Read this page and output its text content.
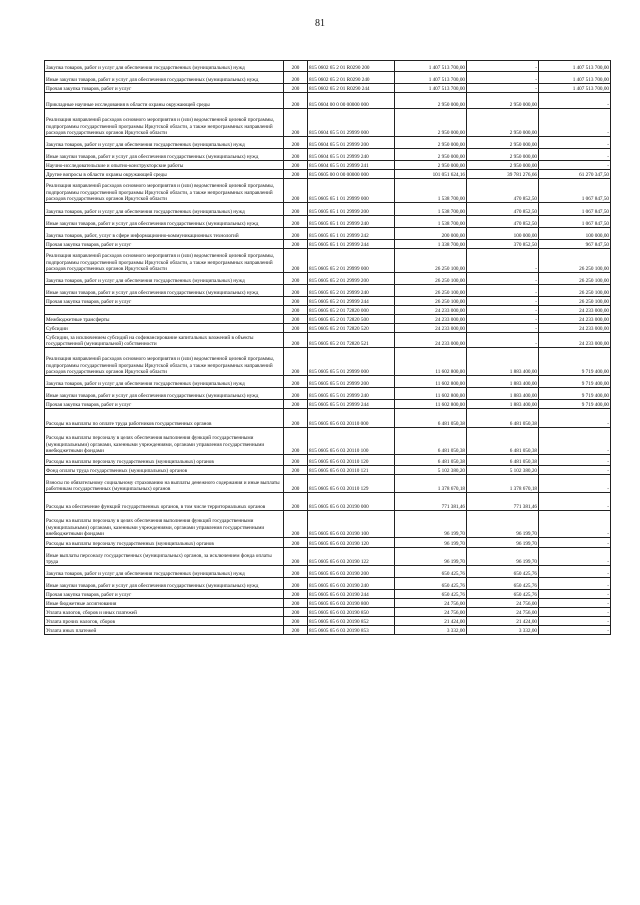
81
Закупка товаров, работ и услуг для обеспечения государственных (муниципальных) нужд	200	815 0602 65 2 01 R0290 200	1 407 513 700,00	-	1 407 513 700,00
Иные закупки товаров, работ и услуг для обеспечения государственных (муниципальных) нужд	200	815 0602 65 2 01 R0290 240	1 407 513 700,00	-	1 407 513 700,00
Прочая закупка товаров, работ и услуг	200	815 0602 65 2 01 R0290 244	1 407 513 700,00	-	1 407 513 700,00
Прикладные научные исследования в области охраны окружающей среды	200	815 0604 00 0 00 00000 000	2 950 000,00	2 950 000,00	-
Реализация направлений расходов основного мероприятия и (или) ведомственной целевой программы, подпрограммы государственной программы Иркутской области, а также непрограммных направлений расходов государственных органов Иркутской области	200	815 0604 65 5 01 29999 000	2 950 000,00	2 950 000,00	-
Закупка товаров, работ и услуг для обеспечения государственных (муниципальных) нужд	200	815 0604 65 5 01 29999 200	2 950 000,00	2 950 000,00	-
Иные закупки товаров, работ и услуг для обеспечения государственных (муниципальных) нужд	200	815 0604 65 5 01 29999 240	2 950 000,00	2 950 000,00	-
Научно-исследовательские и опытно-конструкторские работы	200	815 0604 65 5 01 29999 241	2 950 000,00	2 950 000,00	-
Другие вопросы в области охраны окружающей среды	200	815 0605 00 0 00 00000 000	101 051 624,16	39 781 276,66	61 270 347,50
Реализация направлений расходов основного мероприятия и (или) ведомственной целевой программы, подпрограммы государственной программы Иркутской области, а также непрограммных направлений расходов государственных органов Иркутской области	200	815 0605 65 1 01 29999 000	1 538 700,00	470 852,50	1 067 847,50
Закупка товаров, работ и услуг для обеспечения государственных (муниципальных) нужд	200	815 0605 65 1 01 29999 200	1 538 700,00	470 852,50	1 067 847,50
Иные закупки товаров, работ и услуг для обеспечения государственных (муниципальных) нужд	200	815 0605 65 1 01 29999 240	1 538 700,00	470 852,50	1 067 847,50
Закупка товаров, работ, услуг в сфере информационно-коммуникационных технологий	200	815 0605 65 1 01 29999 242	200 000,00	100 000,00	100 000,00
Прочая закупка товаров, работ и услуг	200	815 0605 65 1 01 29999 244	1 338 700,00	370 852,50	967 847,50
Реализация направлений расходов основного мероприятия и (или) ведомственной целевой программы, подпрограммы государственной программы Иркутской области, а также непрограммных направлений расходов государственных органов Иркутской области	200	815 0605 65 2 01 29999 000	26 250 100,00	-	26 250 100,00
Закупка товаров, работ и услуг для обеспечения государственных (муниципальных) нужд	200	815 0605 65 2 01 29999 200	26 250 100,00	-	26 250 100,00
Иные закупки товаров, работ и услуг для обеспечения государственных (муниципальных) нужд	200	815 0605 65 2 01 29999 240	26 250 100,00	-	26 250 100,00
Прочая закупка товаров, работ и услуг	200	815 0605 65 2 01 29999 244	26 250 100,00	-	26 250 100,00
	200	815 0605 65 2 01 72820 000	24 233 000,00	-	24 233 000,00
Межбюджетные трансферты	200	815 0605 65 2 01 72820 500	24 233 000,00	-	24 233 000,00
Субсидии	200	815 0605 65 2 01 72820 520	24 233 000,00	-	24 233 000,00
Субсидии, за исключением субсидий на софинансирование капитальных вложений в объекты государственной (муниципальной) собственности	200	815 0605 65 2 01 72820 521	24 233 000,00	-	24 233 000,00
Реализация направлений расходов основного мероприятия и (или) ведомственной целевой программы, подпрограммы государственной программы Иркутской области, а также непрограммных направлений расходов государственных органов Иркутской области	200	815 0605 65 5 01 29999 000	11 602 800,00	1 883 400,00	9 719 400,00
Закупка товаров, работ и услуг для обеспечения государственных (муниципальных) нужд	200	815 0605 65 5 01 29999 200	11 602 800,00	1 883 400,00	9 719 400,00
Иные закупки товаров, работ и услуг для обеспечения государственных (муниципальных) нужд	200	815 0605 65 5 01 29999 240	11 602 800,00	1 883 400,00	9 719 400,00
Прочая закупка товаров, работ и услуг	200	815 0605 65 5 01 29999 244	11 602 800,00	1 883 400,00	9 719 400,00
Расходы на выплаты по оплате труда работников государственных органов	200	815 0605 65 6 03 20110 000	6 481 050,38	6 481 050,38	-
Расходы на выплаты персоналу в целях обеспечения выполнения функций государственными (муниципальными) органами, казенными учреждениями, органами управления государственными внебюджетными фондами	200	815 0605 65 6 03 20110 100	6 481 050,38	6 481 050,38	-
Расходы на выплаты персоналу государственных (муниципальных) органов	200	815 0605 65 6 03 20110 120	6 481 050,38	6 481 050,38	-
Фонд оплаты труда государственных (муниципальных) органов	200	815 0605 65 6 03 20110 121	5 102 380,20	5 102 380,20	-
Взносы по обязательному социальному страхованию на выплаты денежного содержания и иные выплаты работникам государственных (муниципальных) органов	200	815 0605 65 6 03 20110 129	1 378 670,18	1 378 670,18	-
Расходы на обеспечение функций государственных органов, в том числе территориальных органов	200	815 0605 65 6 03 20190 000	771 381,46	771 381,46	-
Расходы на выплаты персоналу в целях обеспечения выполнения функций государственными (муниципальными) органами, казенными учреждениями, органами управления государственными внебюджетными фондами	200	815 0605 65 6 03 20190 100	96 199,70	96 199,70	-
Расходы на выплаты персоналу государственных (муниципальных) органов	200	815 0605 65 6 03 20190 120	96 199,70	96 199,70	-
Иные выплаты персоналу государственных (муниципальных) органов, за исключением фонда оплаты труда	200	815 0605 65 6 03 20190 122	96 199,70	96 199,70	-
Закупка товаров, работ и услуг для обеспечения государственных (муниципальных) нужд	200	815 0605 65 6 03 20190 200	650 425,76	650 425,76	-
Иные закупки товаров, работ и услуг для обеспечения государственных (муниципальных) нужд	200	815 0605 65 6 03 20190 240	650 425,76	650 425,76	-
Прочая закупка товаров, работ и услуг	200	815 0605 65 6 03 20190 244	650 425,76	650 425,76	-
Иные бюджетные ассигнования	200	815 0605 65 6 03 20190 800	24 756,00	24 756,00	-
Уплата налогов, сборов и иных платежей	200	815 0605 65 6 03 20190 850	24 756,00	24 756,00	-
Уплата прочих налогов, сборов	200	815 0605 65 6 03 20190 852	21 424,00	21 424,00	-
Уплата иных платежей	200	815 0605 65 6 03 20190 853	3 332,00	3 332,00	-
